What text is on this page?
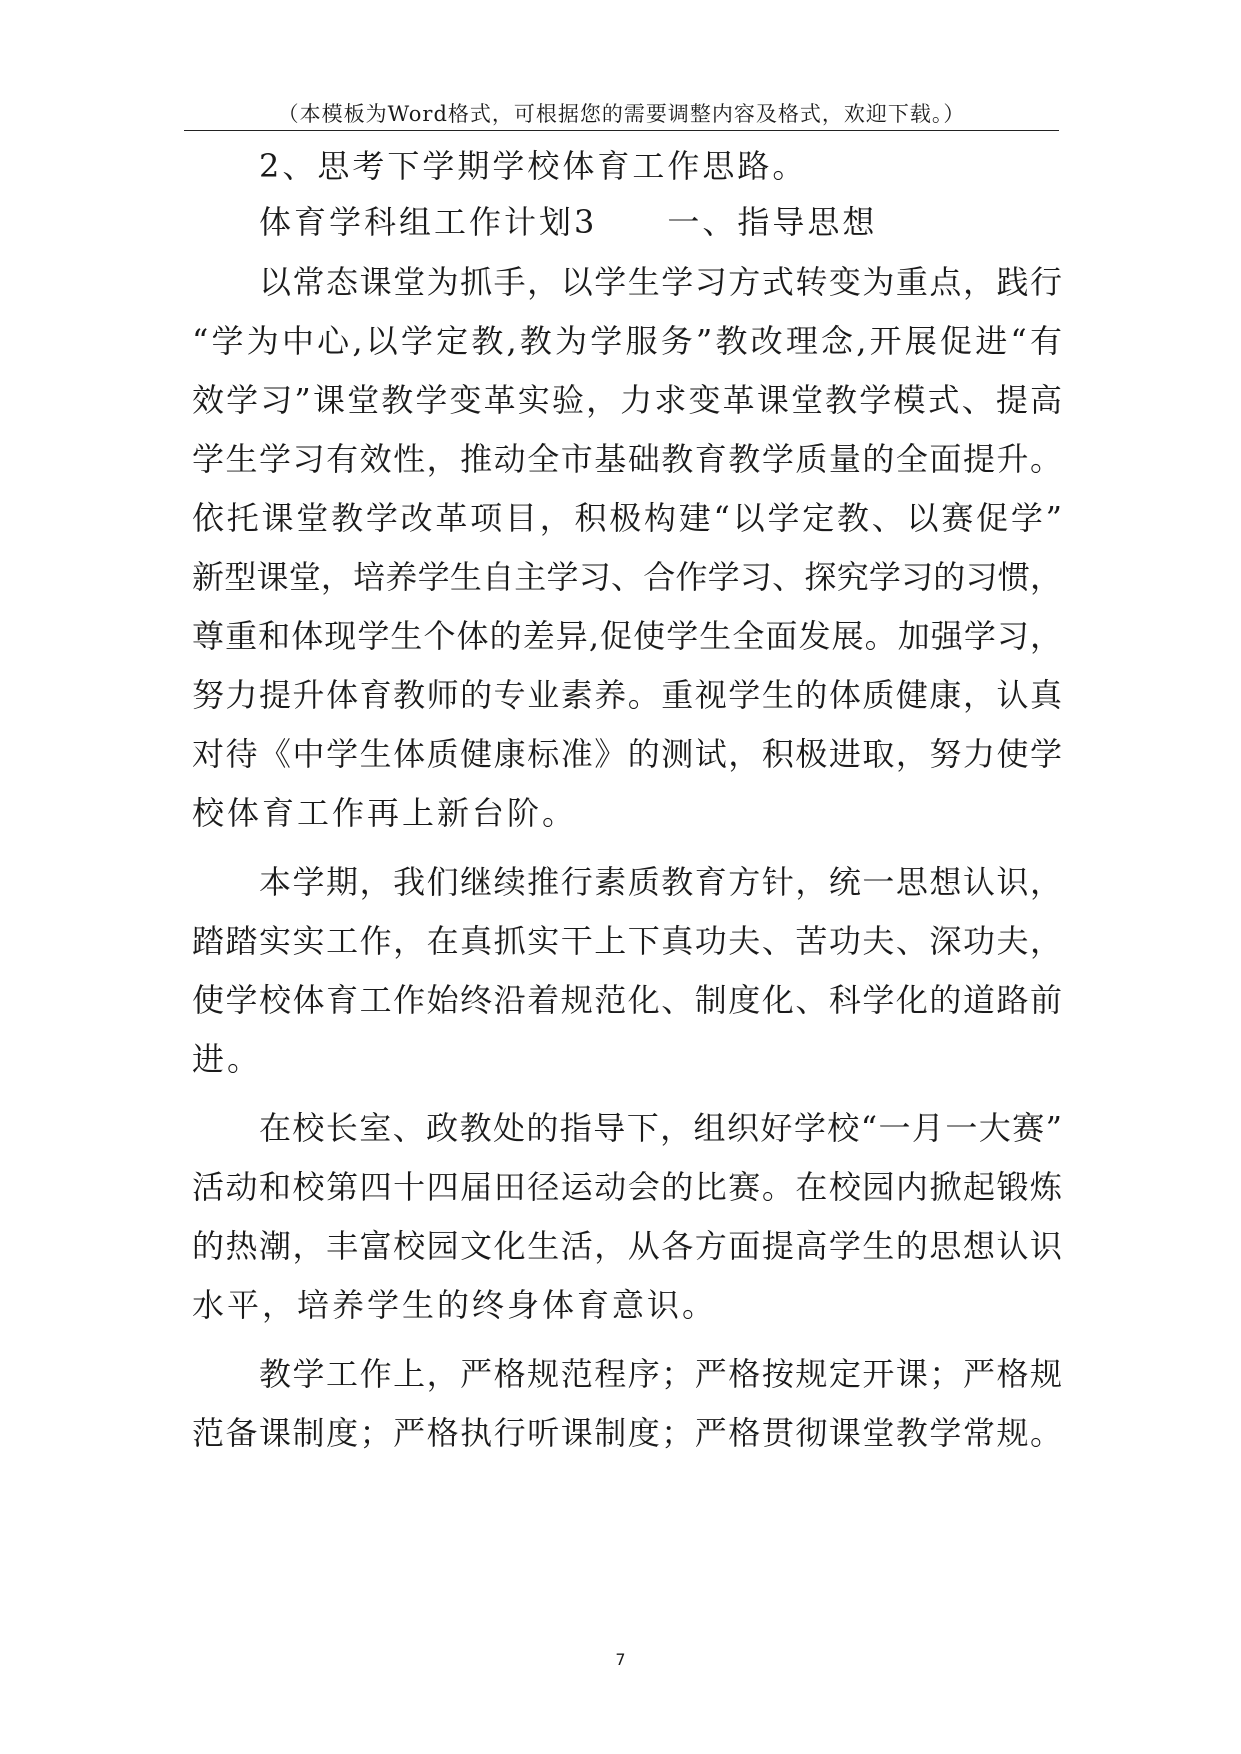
（本模板为Word格式，可根据您的需要调整内容及格式，欢迎下载。）
2、思考下学期学校体育工作思路。
体育学科组工作计划3 一、指导思想
以常态课堂为抓手，以学生学习方式转变为重点，践行
“学为中心,以学定教,教为学服务”教改理念,开展促进“有
效学习”课堂教学变革实验，力求变革课堂教学模式、提高
学生学习有效性，推动全市基础教育教学质量的全面提升。
依托课堂教学改革项目，积极构建“以学定教、以赛促学”
新型课堂，培养学生自主学习、合作学习、探究学习的习惯，
尊重和体现学生个体的差异,促使学生全面发展。加强学习，
努力提升体育教师的专业素养。重视学生的体质健康，认真
对待《中学生体质健康标准》的测试，积极进取，努力使学
校体育工作再上新台阶。
本学期，我们继续推行素质教育方针，统一思想认识，
踏踏实实工作，在真抓实干上下真功夫、苦功夫、深功夫，
使学校体育工作始终沿着规范化、制度化、科学化的道路前
进。
在校长室、政教处的指导下，组织好学校“一月一大赛”
活动和校第四十四届田径运动会的比赛。在校园内掀起锻炼
的热潮，丰富校园文化生活，从各方面提高学生的思想认识
水平，培养学生的终身体育意识。
教学工作上，严格规范程序；严格按规定开课；严格规
范备课制度；严格执行听课制度；严格贯彻课堂教学常规。
7
